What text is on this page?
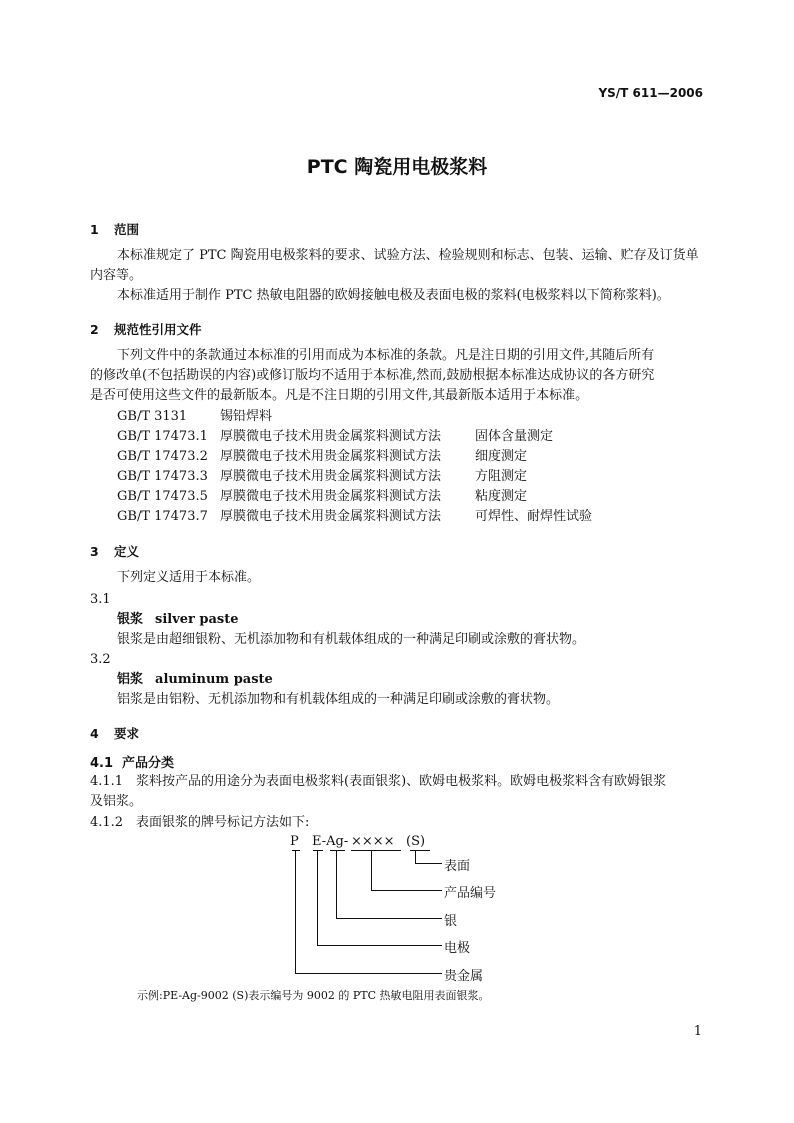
YS/T 611—2006
PTC 陶瓷用电极浆料
1 范围
本标准规定了 PTC 陶瓷用电极浆料的要求、试验方法、检验规则和标志、包装、运输、贮存及订货单
内容等。
本标准适用于制作 PTC 热敏电阻器的欧姆接触电极及表面电极的浆料(电极浆料以下简称浆料)。
2 规范性引用文件
下列文件中的条款通过本标准的引用而成为本标准的条款。凡是注日期的引用文件,其随后所有
的修改单(不包括勘误的内容)或修订版均不适用于本标准,然而,鼓励根据本标准达成协议的各方研究
是否可使用这些文件的最新版本。凡是不注日期的引用文件,其最新版本适用于本标准。
GB/T 3131	锡铅焊料
GB/T 17473.1 厚膜微电子技术用贵金属浆料测试方法	固体含量测定
GB/T 17473.2 厚膜微电子技术用贵金属浆料测试方法	细度测定
GB/T 17473.3 厚膜微电子技术用贵金属浆料测试方法	方阻测定
GB/T 17473.5 厚膜微电子技术用贵金属浆料测试方法	粘度测定
GB/T 17473.7 厚膜微电子技术用贵金属浆料测试方法	可焊性、耐焊性试验
3 定义
下列定义适用于本标准。
3.1
银浆 silver paste
银浆是由超细银粉、无机添加物和有机载体组成的一种满足印刷或涂敷的膏状物。
3.2
铝浆 aluminum paste
铝浆是由铝粉、无机添加物和有机载体组成的一种满足印刷或涂敷的膏状物。
4 要求
4.1 产品分类
4.1.1 浆料按产品的用途分为表面电极浆料(表面银浆)、欧姆电极浆料。欧姆电极浆料含有欧姆银浆
及铝浆。
4.1.2 表面银浆的牌号标记方法如下:
P E-Ag- ×××× (S)
表面
产品编号
银
电极
贵金属
示例:PE-Ag-9002 (S)表示编号为 9002 的 PTC 热敏电阻用表面银浆。
1
